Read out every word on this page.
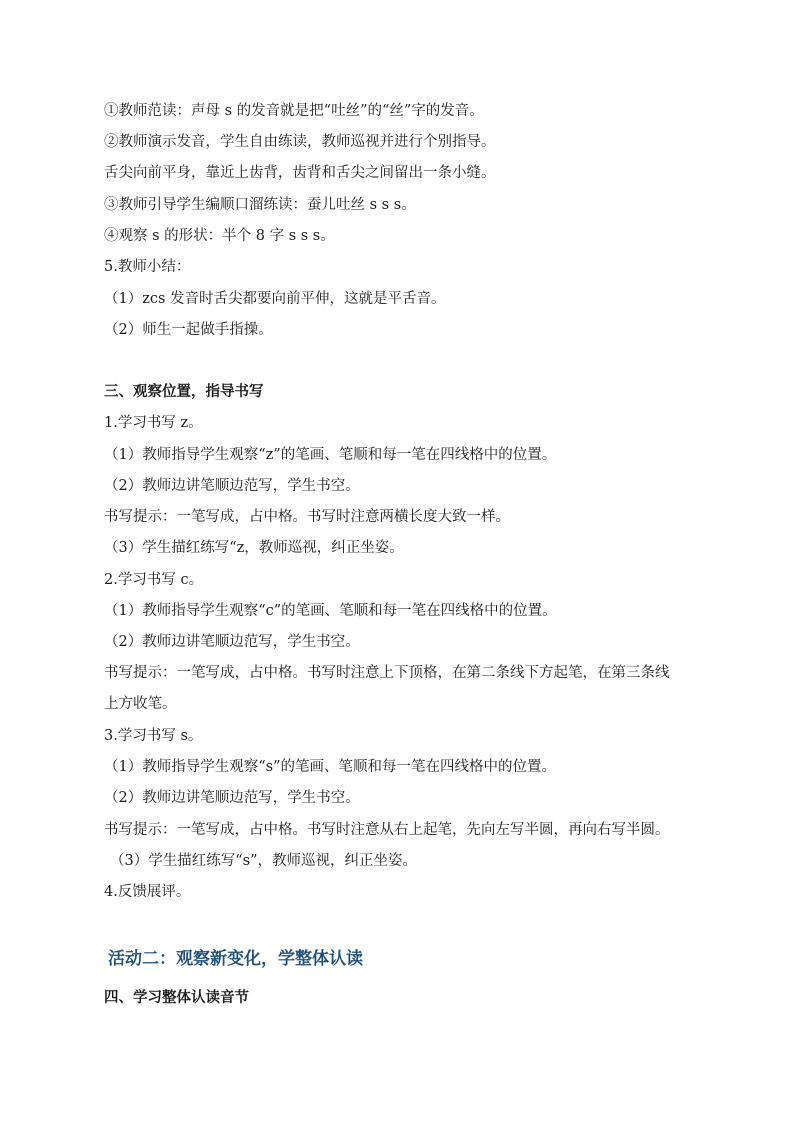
①教师范读：声母 s 的发音就是把“吐丝”的“丝”字的发音。
②教师演示发音，学生自由练读，教师巡视并进行个别指导。
舌尖向前平身，靠近上齿背，齿背和舌尖之间留出一条小缝。
③教师引导学生编顺口溜练读：蚕儿吐丝 s s s。
④观察 s 的形状：半个 8 字 s s s。
5.教师小结：
（1）zcs 发音时舌尖都要向前平伸，这就是平舌音。
（2）师生一起做手指操。
三、观察位置，指导书写
1.学习书写 z。
（1）教师指导学生观察“z”的笔画、笔顺和每一笔在四线格中的位置。
（2）教师边讲笔顺边范写，学生书空。
书写提示：一笔写成，占中格。书写时注意两横长度大致一样。
（3）学生描红练写“z，教师巡视，纠正坐姿。
2.学习书写 c。
（1）教师指导学生观察“c”的笔画、笔顺和每一笔在四线格中的位置。
（2）教师边讲笔顺边范写，学生书空。
书写提示：一笔写成，占中格。书写时注意上下顶格，在第二条线下方起笔，在第三条线
上方收笔。
3.学习书写 s。
（1）教师指导学生观察“s”的笔画、笔顺和每一笔在四线格中的位置。
（2）教师边讲笔顺边范写，学生书空。
书写提示：一笔写成，占中格。书写时注意从右上起笔，先向左写半圆，再向右写半圆。
（3）学生描红练写“s”，教师巡视，纠正坐姿。
4.反馈展评。
活动二：观察新变化，学整体认读
四、学习整体认读音节
